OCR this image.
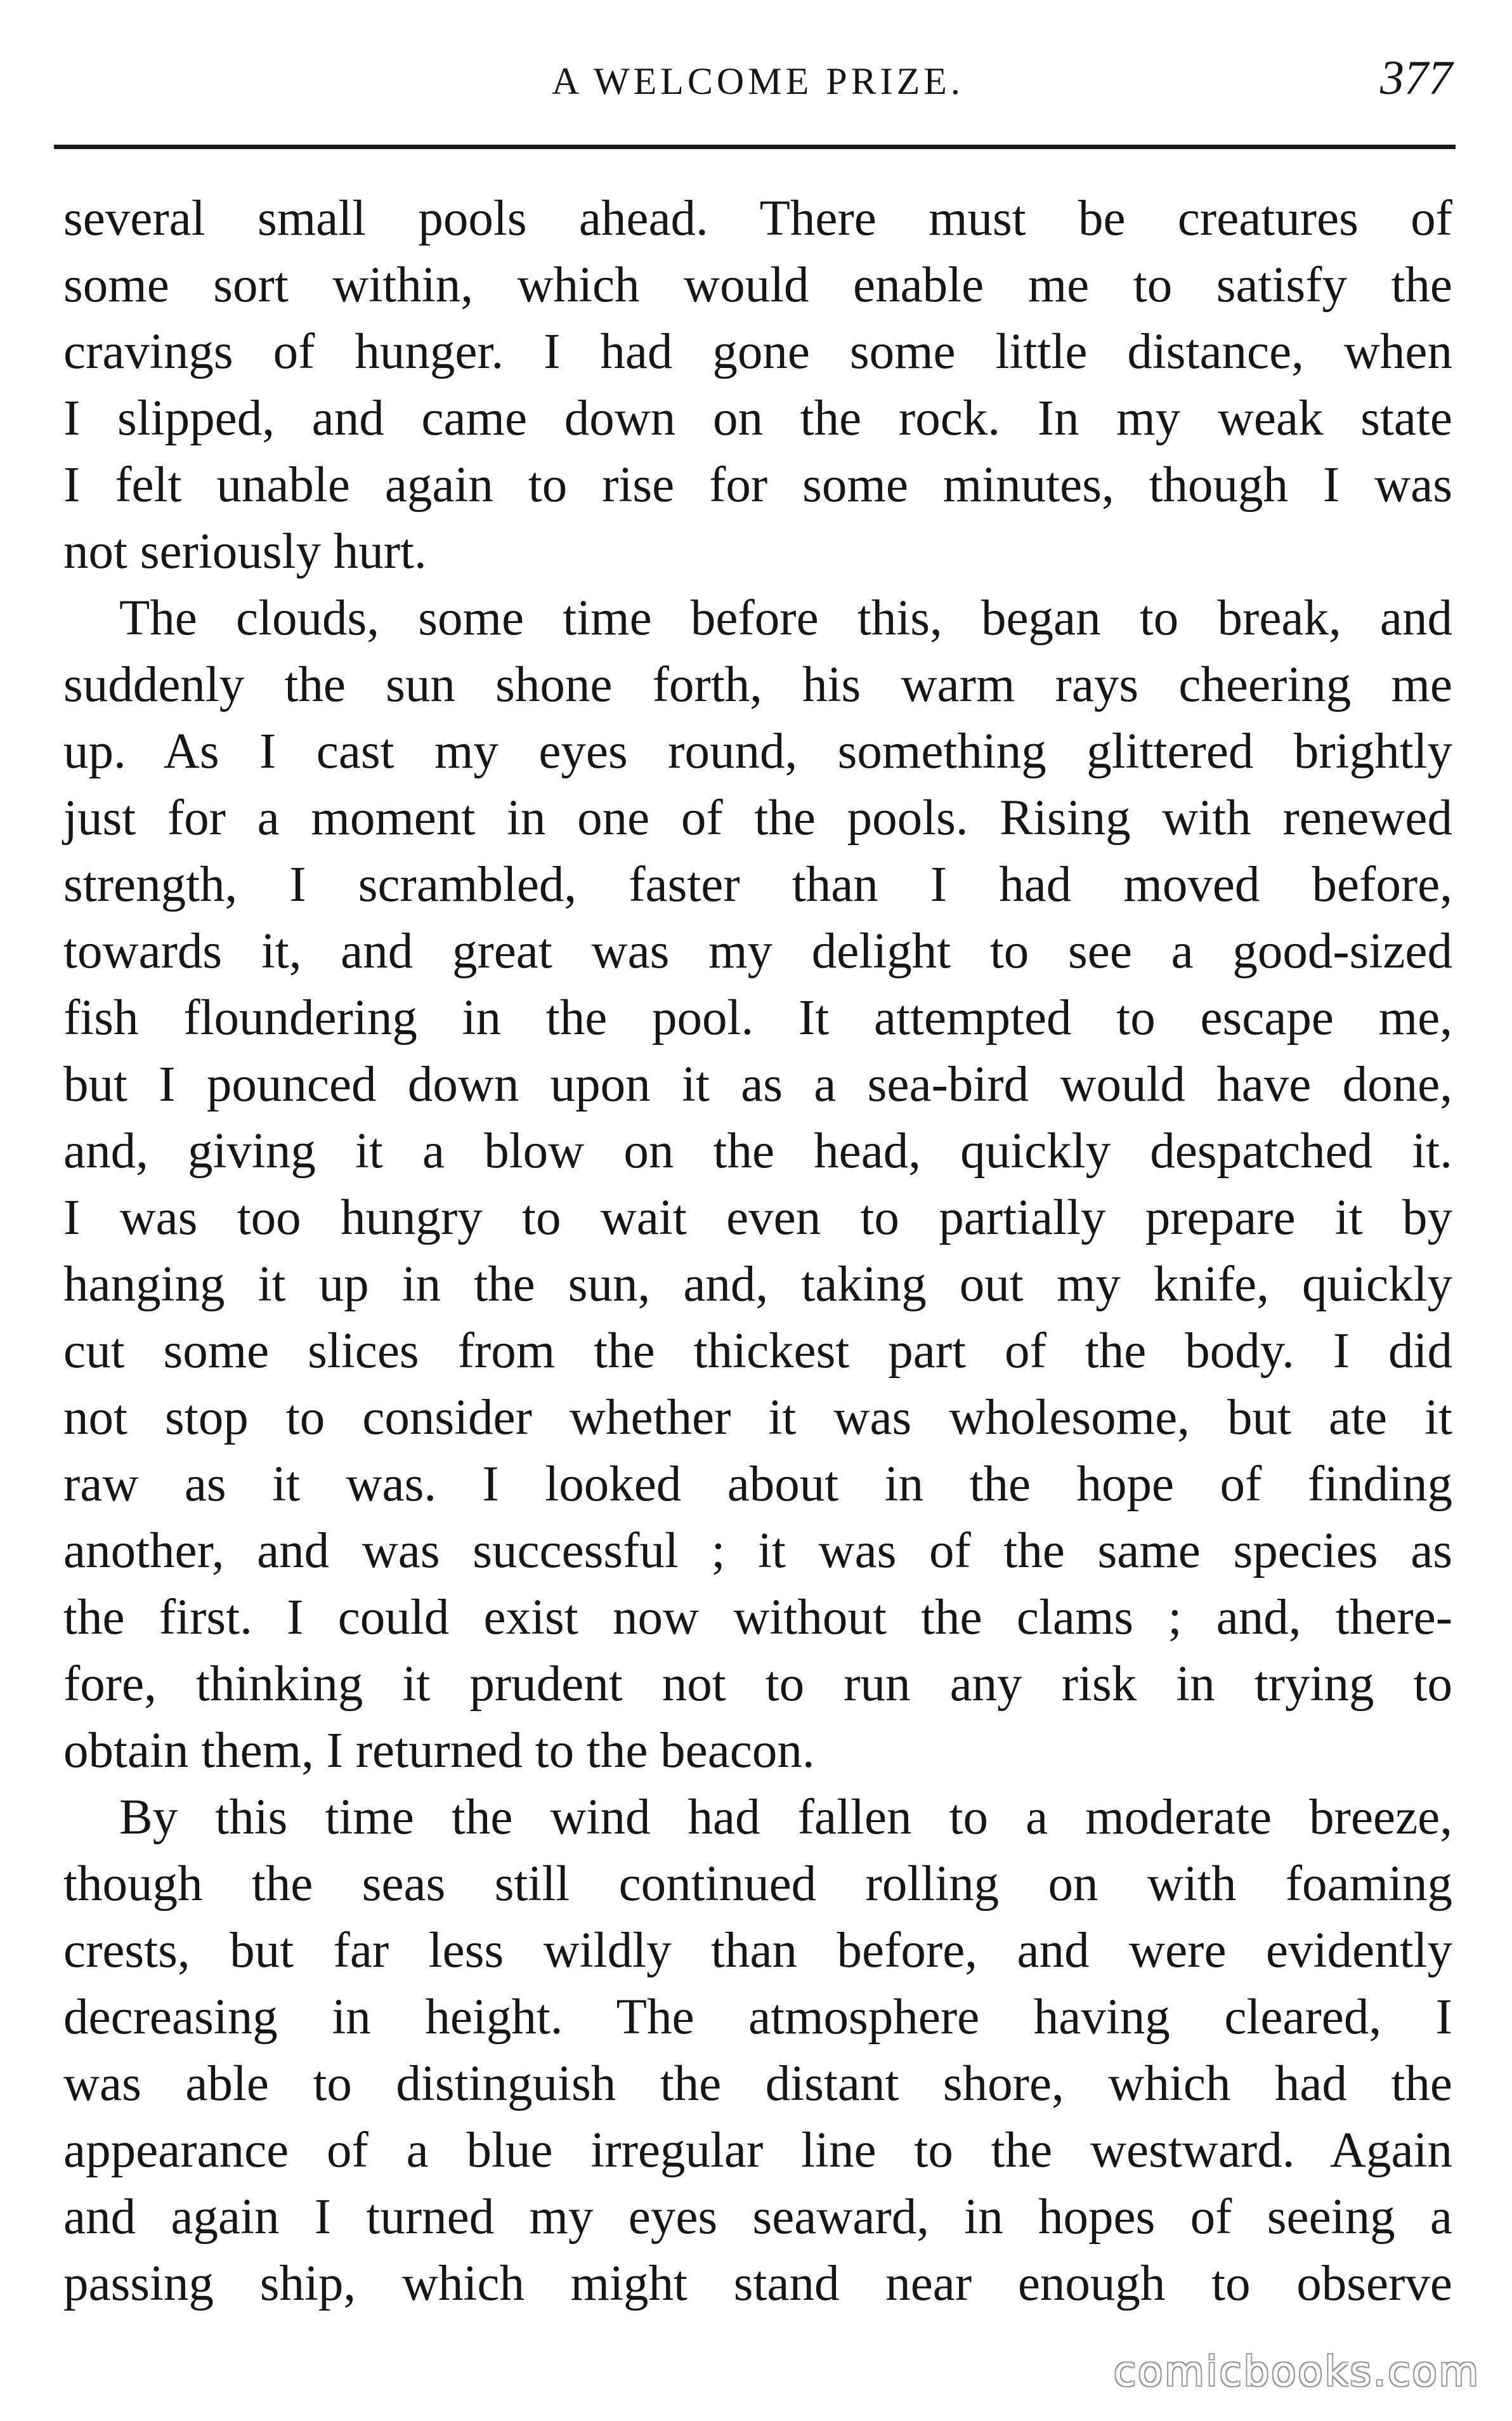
A WELCOME PRIZE.	377
several small pools ahead. There must be creatures of
some sort within, which would enable me to satisfy the
cravings of hunger. I had gone some little distance, when
I slipped, and came down on the rock. In my weak state
I felt unable again to rise for some minutes, though I was
not seriously hurt.
The clouds, some time before this, began to break, and
suddenly the sun shone forth, his warm rays cheering me
up. As I cast my eyes round, something glittered brightly
just for a moment in one of the pools. Rising with renewed
strength, I scrambled, faster than I had moved before,
towards it, and great was my delight to see a good-sized
fish floundering in the pool. It attempted to escape me,
but I pounced down upon it as a sea-bird would have done,
and, giving it a blow on the head, quickly despatched it.
I was too hungry to wait even to partially prepare it by
hanging it up in the sun, and, taking out my knife, quickly
cut some slices from the thickest part of the body. I did
not stop to consider whether it was wholesome, but ate it
raw as it was. I looked about in the hope of finding
another, and was successful ; it was of the same species as
the first. I could exist now without the clams ; and, there-
fore, thinking it prudent not to run any risk in trying to
obtain them, I returned to the beacon.
By this time the wind had fallen to a moderate breeze,
though the seas still continued rolling on with foaming
crests, but far less wildly than before, and were evidently
decreasing in height. The atmosphere having cleared, I
was able to distinguish the distant shore, which had the
appearance of a blue irregular line to the westward. Again
and again I turned my eyes seaward, in hopes of seeing a
passing ship, which might stand near enough to observe
comicbooks.com
